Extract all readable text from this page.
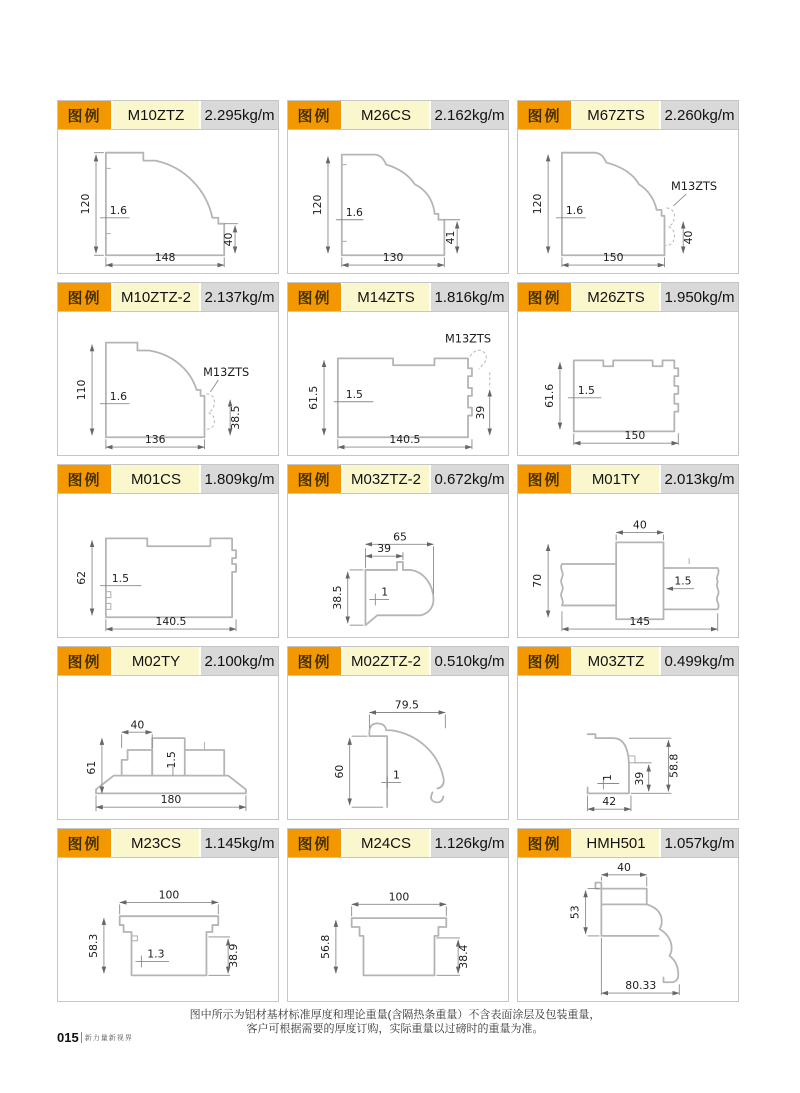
图例	M10ZTZ	2.295kg/m
120 1.6
148
40
图例	M26CS	2.162kg/m
120 1.6
130
41
图例	M67ZTS	2.260kg/m
M13ZTS
120 1.6
150
40
图例	M10ZTZ-2 2.137kg/m
M13ZTS
110 1.6
136
38.5
图例	M14ZTS	1.816kg/m
M13ZTS
61.5 1.5
140.5
39
图例	M26ZTS	1.950kg/m
61.6 1.5
150
图例	M01CS	1.809kg/m
62 1.5
140.5
图例	M03ZTZ-2 0.672kg/m
65
39
38.5	1
图例	M01TY	2.013kg/m
40
70	1.5
145
图例	M02TY	2.100kg/m
40
61	1.5
180
图例	M02ZTZ-2 0.510kg/m
79.5
60	1
图例	M03ZTZ	0.499kg/m
58.8
39
1
42
图例	M23CS	1.145kg/m
100
58.3	1.3	38.9
图例	M24CS	1.126kg/m
100
56.8	38.4
图例	HMH501	1.057kg/m
40
53
80.33
图中所示为铝材基材标准厚度和理论重量(含隔热条重量）不含表面涂层及包装重量，
客户可根据需要的厚度订购，实际重量以过磅时的重量为准。
015 新力量新视界
